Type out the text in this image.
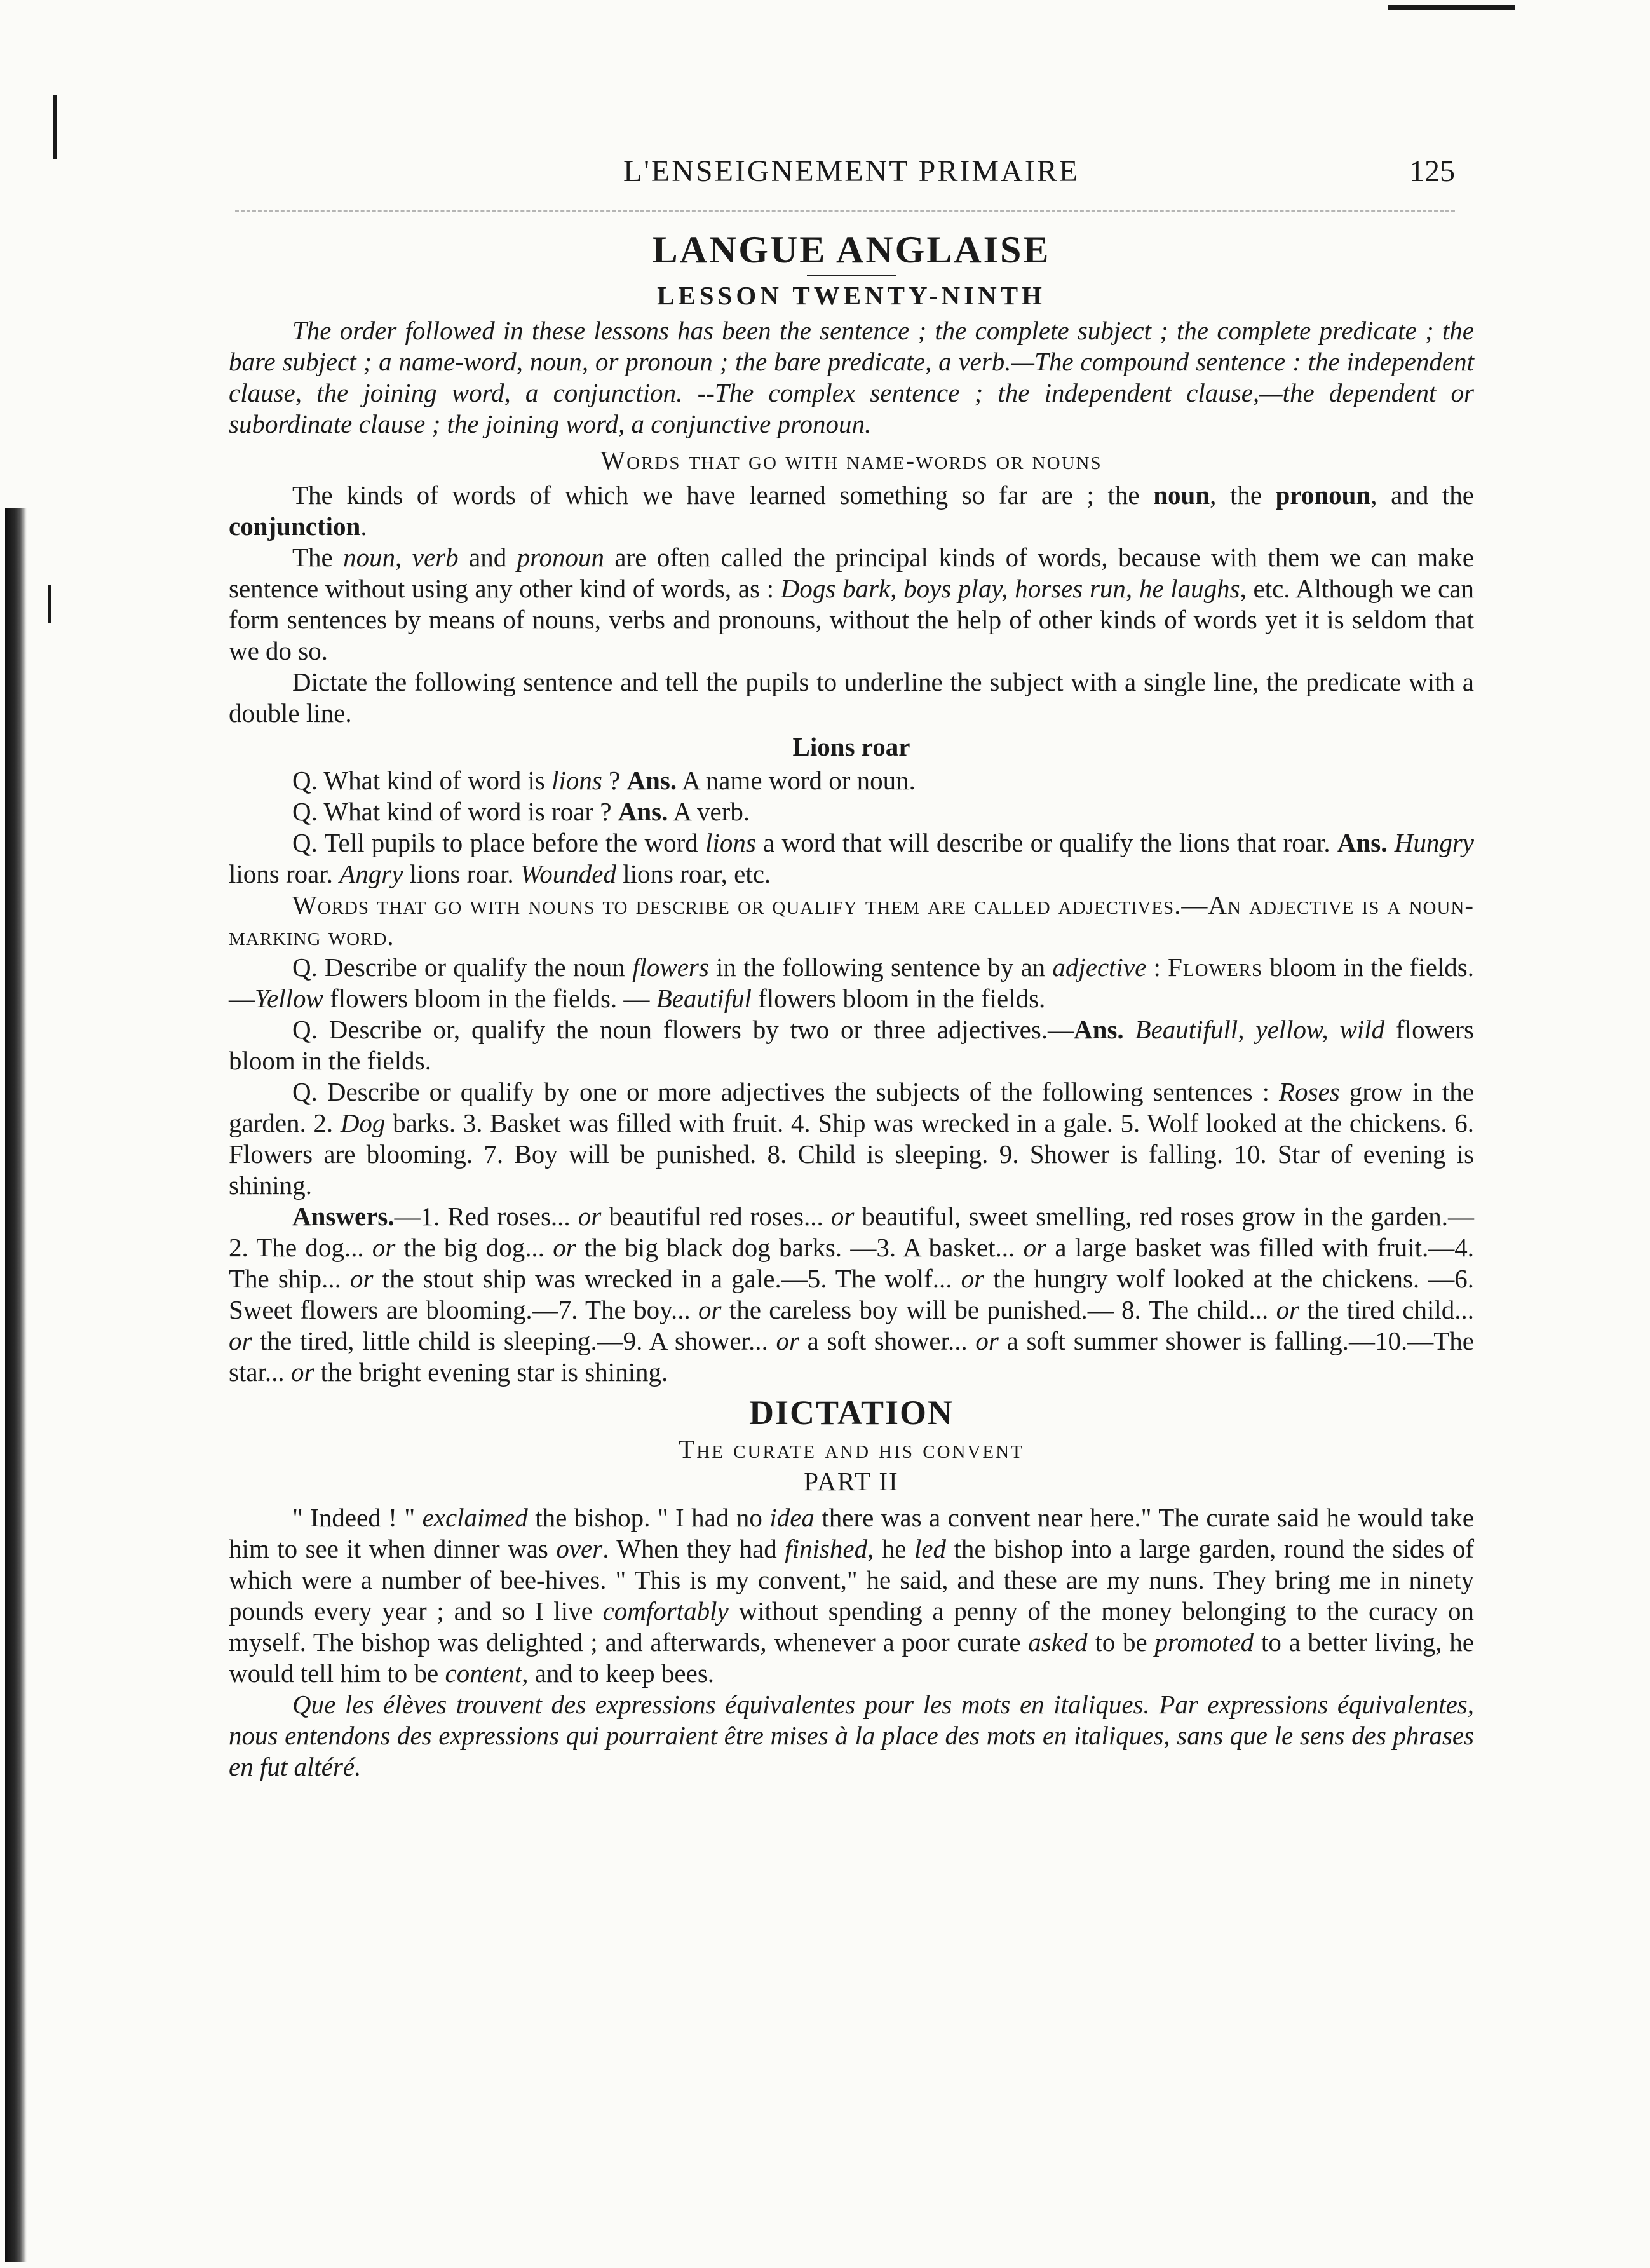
L'ENSEIGNEMENT PRIMAIRE	125
LANGUE ANGLAISE
LESSON TWENTY-NINTH

The order followed in these lessons has been the sentence ; the complete subject ; the complete predicate ; the bare subject ; a name-word, noun, or pronoun ; the bare predicate, a verb.—The compound sentence : the independent clause, the joining word, a conjunction. --The complex sentence ; the independent clause,—the dependent or subordinate clause ; the joining word, a conjunctive pronoun.

Words that go with name-words or nouns

The kinds of words of which we have learned something so far are ; the noun, the pronoun, and the conjunction.

The noun, verb and pronoun are often called the principal kinds of words, because with them we can make sentence without using any other kind of words, as : Dogs bark, boys play, horses run, he laughs, etc. Although we can form sentences by means of nouns, verbs and pronouns, without the help of other kinds of words yet it is seldom that we do so.

Dictate the following sentence and tell the pupils to underline the subject with a single line, the predicate with a double line.

Lions roar

Q. What kind of word is lions ? Ans. A name word or noun.

Q. What kind of word is roar ? Ans. A verb.

Q. Tell pupils to place before the word lions a word that will describe or qualify the lions that roar. Ans. Hungry lions roar. Angry lions roar. Wounded lions roar, etc.

Words that go with nouns to describe or qualify them are called adjectives.—An adjective is a noun-marking word.

Q. Describe or qualify the noun flowers in the following sentence by an adjective : Flowers bloom in the fields.—Yellow flowers bloom in the fields. — Beautiful flowers bloom in the fields.

Q. Describe or, qualify the noun flowers by two or three adjectives.—Ans. Beautifull, yellow, wild flowers bloom in the fields.

Q. Describe or qualify by one or more adjectives the subjects of the following sentences : Roses grow in the garden. 2. Dog barks. 3. Basket was filled with fruit. 4. Ship was wrecked in a gale. 5. Wolf looked at the chickens. 6. Flowers are blooming. 7. Boy will be punished. 8. Child is sleeping. 9. Shower is falling. 10. Star of evening is shining.

Answers.—1. Red roses... or beautiful red roses... or beautiful, sweet smelling, red roses grow in the garden.—2. The dog... or the big dog... or the big black dog barks. —3. A basket... or a large basket was filled with fruit.—4. The ship... or the stout ship was wrecked in a gale.—5. The wolf... or the hungry wolf looked at the chickens. —6. Sweet flowers are blooming.—7. The boy... or the careless boy will be punished.— 8. The child... or the tired child... or the tired, little child is sleeping.—9. A shower... or a soft shower... or a soft summer shower is falling.—10.—The star... or the bright evening star is shining.

DICTATION

The curate and his convent

PART II

" Indeed ! " exclaimed the bishop. " I had no idea there was a convent near here." The curate said he would take him to see it when dinner was over. When they had finished, he led the bishop into a large garden, round the sides of which were a number of bee-hives. " This is my convent," he said, and these are my nuns. They bring me in ninety pounds every year ; and so I live comfortably without spending a penny of the money belonging to the curacy on myself. The bishop was delighted ; and afterwards, whenever a poor curate asked to be promoted to a better living, he would tell him to be content, and to keep bees.

Que les élèves trouvent des expressions équivalentes pour les mots en italiques. Par expressions équivalentes, nous entendons des expressions qui pourraient être mises à la place des mots en italiques, sans que le sens des phrases en fut altéré.
